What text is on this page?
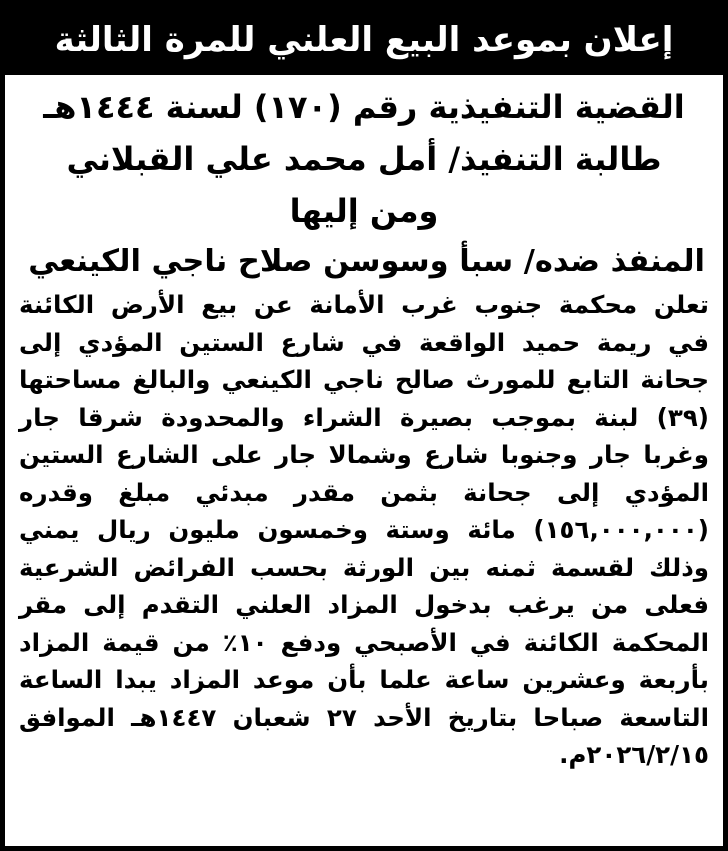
إعلان بموعد البيع العلني للمرة الثالثة
القضية التنفيذية رقم (١٧٠) لسنة ١٤٤٤هـ
طالبة التنفيذ/ أمل محمد علي القبلاني
ومن إليها
المنفذ ضده/ سبأ وسوسن صلاح ناجي الكينعي
تعلن محكمة جنوب غرب الأمانة عن بيع الأرض الكائنة
في ريمة حميد الواقعة في شارع الستين المؤدي إلى
جحانة التابع للمورث صالح ناجي الكينعي والبالغ مساحتها
(٣٩) لبنة بموجب بصيرة الشراء والمحدودة شرقا جار
وغربا جار وجنوبا شارع وشمالا جار على الشارع الستين
المؤدي إلى جحانة بثمن مقدر مبدئي مبلغ وقدره
(١٥٦,٠٠٠,٠٠٠) مائة وستة وخمسون مليون ريال يمني
وذلك لقسمة ثمنه بين الورثة بحسب الفرائض الشرعية
فعلى من يرغب بدخول المزاد العلني التقدم إلى مقر
المحكمة الكائنة في الأصبحي ودفع ١٠٪ من قيمة المزاد
بأربعة وعشرين ساعة علما بأن موعد المزاد يبدا الساعة
التاسعة صباحا بتاريخ الأحد ٢٧ شعبان ١٤٤٧هـ الموافق
٢٠٢٦/٢/١٥م.
